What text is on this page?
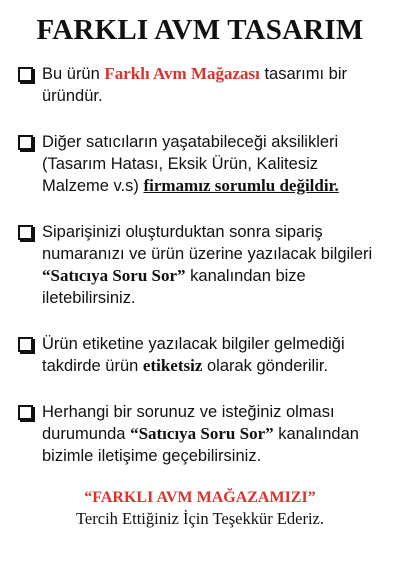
FARKLI AVM TASARIM
Bu ürün Farklı Avm Mağazası tasarımı bir üründür.
Diğer satıcıların yaşatabileceği aksilikleri (Tasarım Hatası, Eksik Ürün, Kalitesiz Malzeme v.s) firmamız sorumlu değildir.
Siparişinizi oluşturduktan sonra sipariş numaranızı ve ürün üzerine yazılacak bilgileri “Satıcıya Soru Sor” kanalından bize iletebilirsiniz.
Ürün etiketine yazılacak bilgiler gelmediği takdirde ürün etiketsiz olarak gönderilir.
Herhangi bir sorunuz ve isteğiniz olması durumunda “Satıcıya Soru Sor” kanalından bizimle iletişime geçebilirsiniz.
“FARKLI AVM MAĞAZAMIZI”
Tercih Ettiğiniz İçin Teşekkür Ederiz.
